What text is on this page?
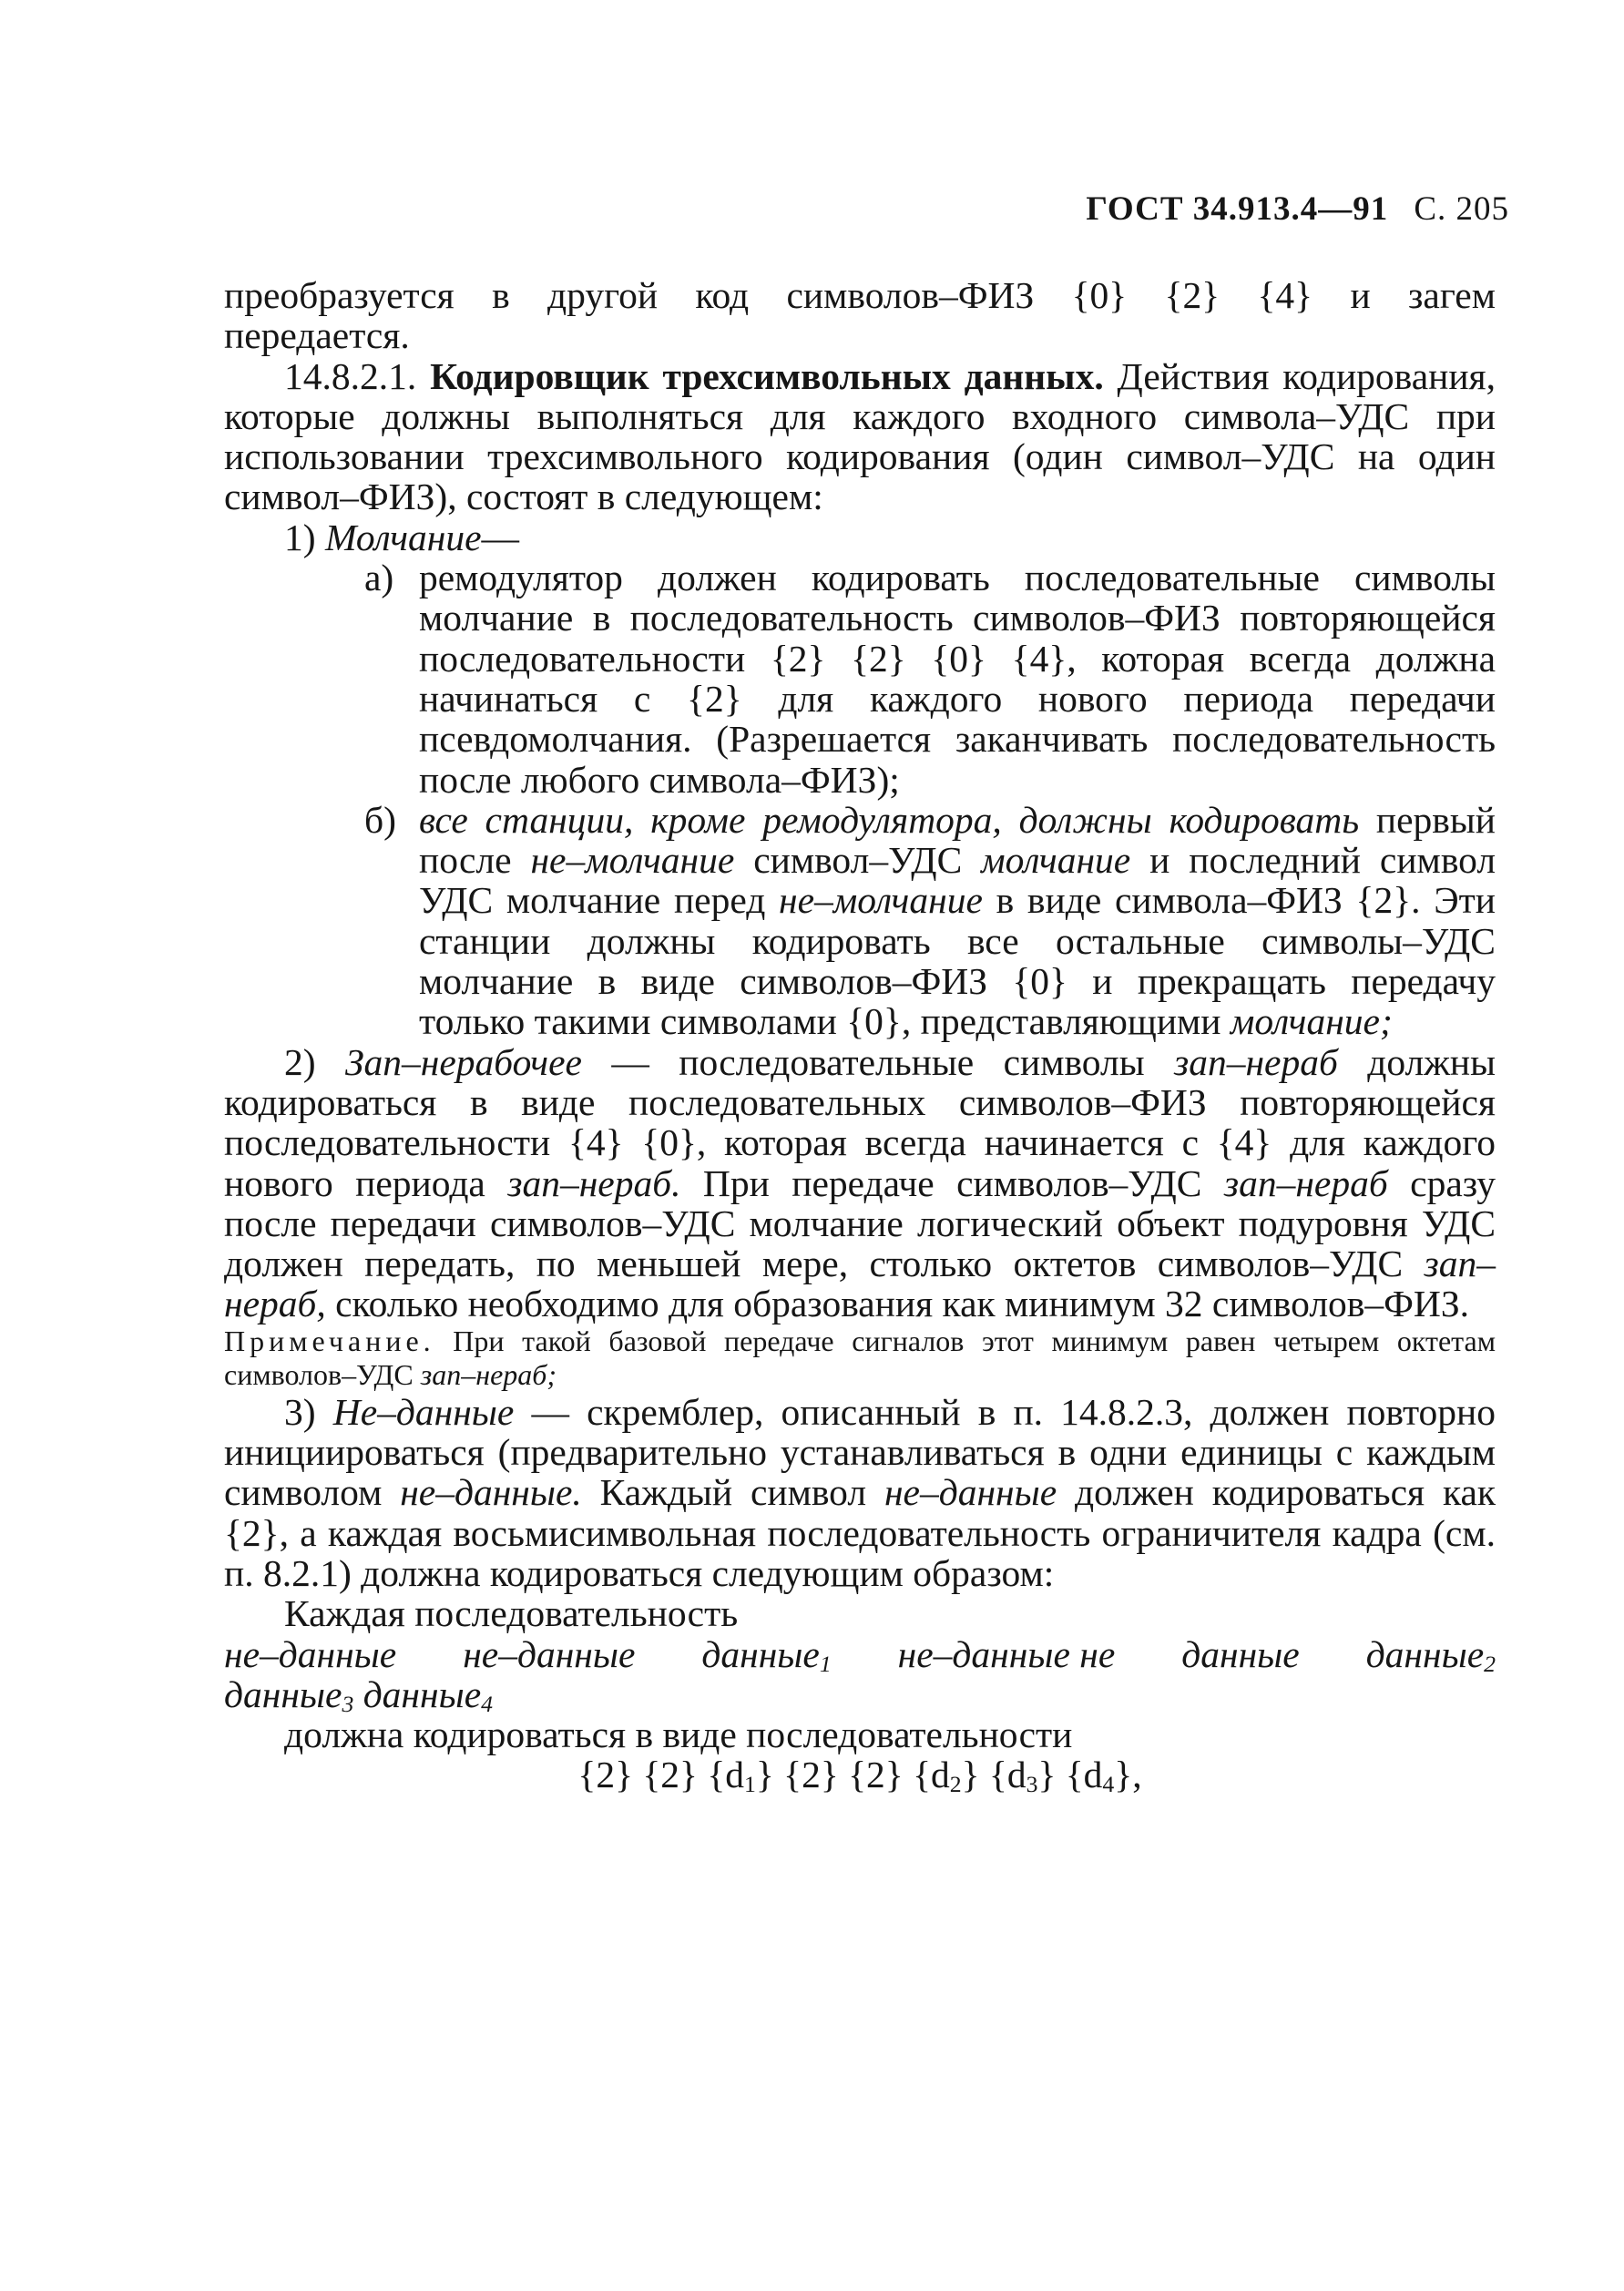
ГОСТ 34.913.4—91 С. 205

преобразуется в другой код символов–ФИЗ {0} {2} {4} и загем

передается.

14.8.2.1. Кодировщик трехсимвольных данных. Действия кодирования, которые должны выполняться для каждого входного символа–УДС при использовании трехсимвольного кодирования (один символ–УДС на один символ–ФИЗ), состоят в следующем:

1) Молчание—
а) ремодулятор должен кодировать последовательные символы молчание в последовательность символов–ФИЗ повторяющейся последовательности {2} {2} {0} {4}, которая всегда должна начинаться с {2} для каждого нового периода передачи псевдомолчания. (Разрешается заканчивать последовательность после любого символа–ФИЗ);
б) все станции, кроме ремодулятора, должны кодировать первый после не–молчание символ–УДС молчание и последний символ УДС молчание перед не–молчание в виде символа–ФИЗ {2}. Эти станции должны кодировать все остальные символы–УДС молчание в виде символов–ФИЗ {0} и прекращать передачу только такими символами {0}, представляющими молчание;

2) Зап–нерабочее — последовательные символы зап–нераб должны кодироваться в виде последовательных символов–ФИЗ повторяющейся последовательности {4} {0}, которая всегда начинается с {4} для каждого нового периода зап–нераб. При передаче символов–УДС зап–нераб сразу после передачи символов–УДС молчание логический объект подуровня УДС должен передать, по меньшей мере, столько октетов символов–УДС зап–нераб, сколько необходимо для образования как минимум 32 символов–ФИЗ.

Примечание. При такой базовой передаче сигналов этот минимум равен четырем октетам символов–УДС зап–нераб;

3) Не–данные — скремблер, описанный в п. 14.8.2.3, должен повторно инициироваться (предварительно устанавливаться в одни единицы с каждым символом не–данные. Каждый символ не–данные должен кодироваться как {2}, а каждая восьмисимвольная последовательность ограничителя кадра (см. п. 8.2.1) должна кодироваться следующим образом:

Каждая последовательность

не–данные не–данные данные$_1$ не–данные не данные данные$_2$
данные$_3$ данные$_4$

должна кодироваться в виде последовательности

{2} {2} $\{d_1\}$ {2} {2} $\{d_2\}$ $\{d_3\}$ $\{d_4\}$,
